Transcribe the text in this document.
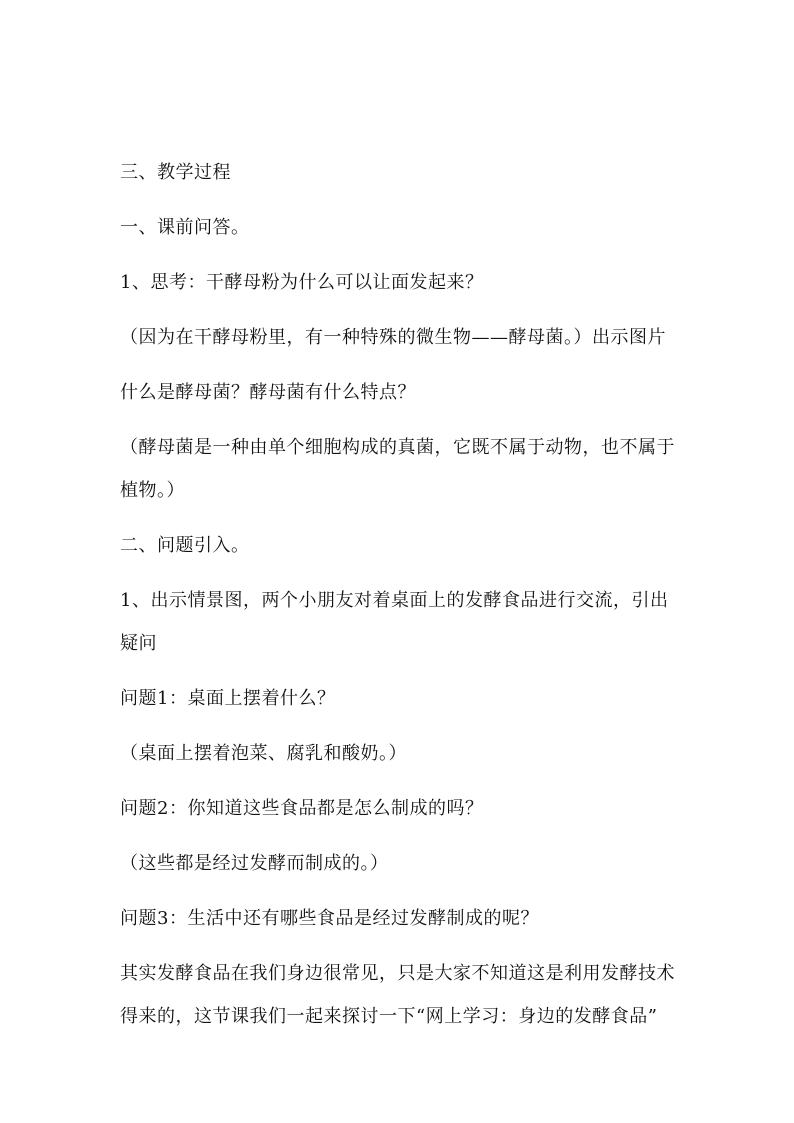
三、教学过程
一、课前问答。
1、思考：干酵母粉为什么可以让面发起来？
（因为在干酵母粉里，有一种特殊的微生物——酵母菌。）出示图片
什么是酵母菌？酵母菌有什么特点？
（酵母菌是一种由单个细胞构成的真菌，它既不属于动物，也不属于
植物。）
二、问题引入。
1、出示情景图，两个小朋友对着桌面上的发酵食品进行交流，引出
疑问
问题1：桌面上摆着什么？
（桌面上摆着泡菜、腐乳和酸奶。）
问题2：你知道这些食品都是怎么制成的吗？
（这些都是经过发酵而制成的。）
问题3：生活中还有哪些食品是经过发酵制成的呢？
其实发酵食品在我们身边很常见，只是大家不知道这是利用发酵技术
得来的，这节课我们一起来探讨一下“网上学习：身边的发酵食品”
